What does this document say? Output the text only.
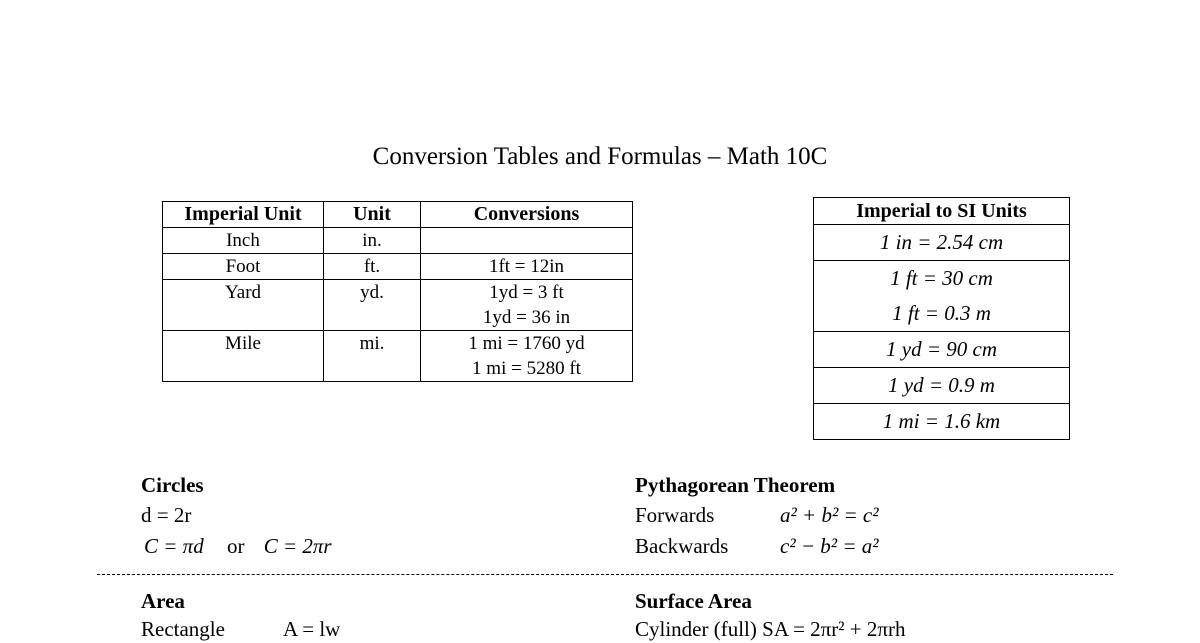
Conversion Tables and Formulas – Math 10C
Imperial Unit	Unit	Conversions
Inch	in.	
Foot	ft.	1ft = 12in

Yard	yd.	1yd = 3 ft
1yd = 36 in

Mile	mi.	1 mi = 1760 yd
1 mi = 5280 ft
Imperial to SI Units

1 in = 2.54 cm

1 ft = 30 cm
1 ft = 0.3 m

1 yd = 90 cm

1 yd = 0.9 m

1 mi = 1.6 km
Circles
d = 2r
C = πd or C = 2πr
Pythagorean Theorem
Forwards	a² + b² = c²
Backwards c² − b² = a²
Area
Rectangle	A = lw
Surface Area
Cylinder (full) SA = 2πr² + 2πrh
